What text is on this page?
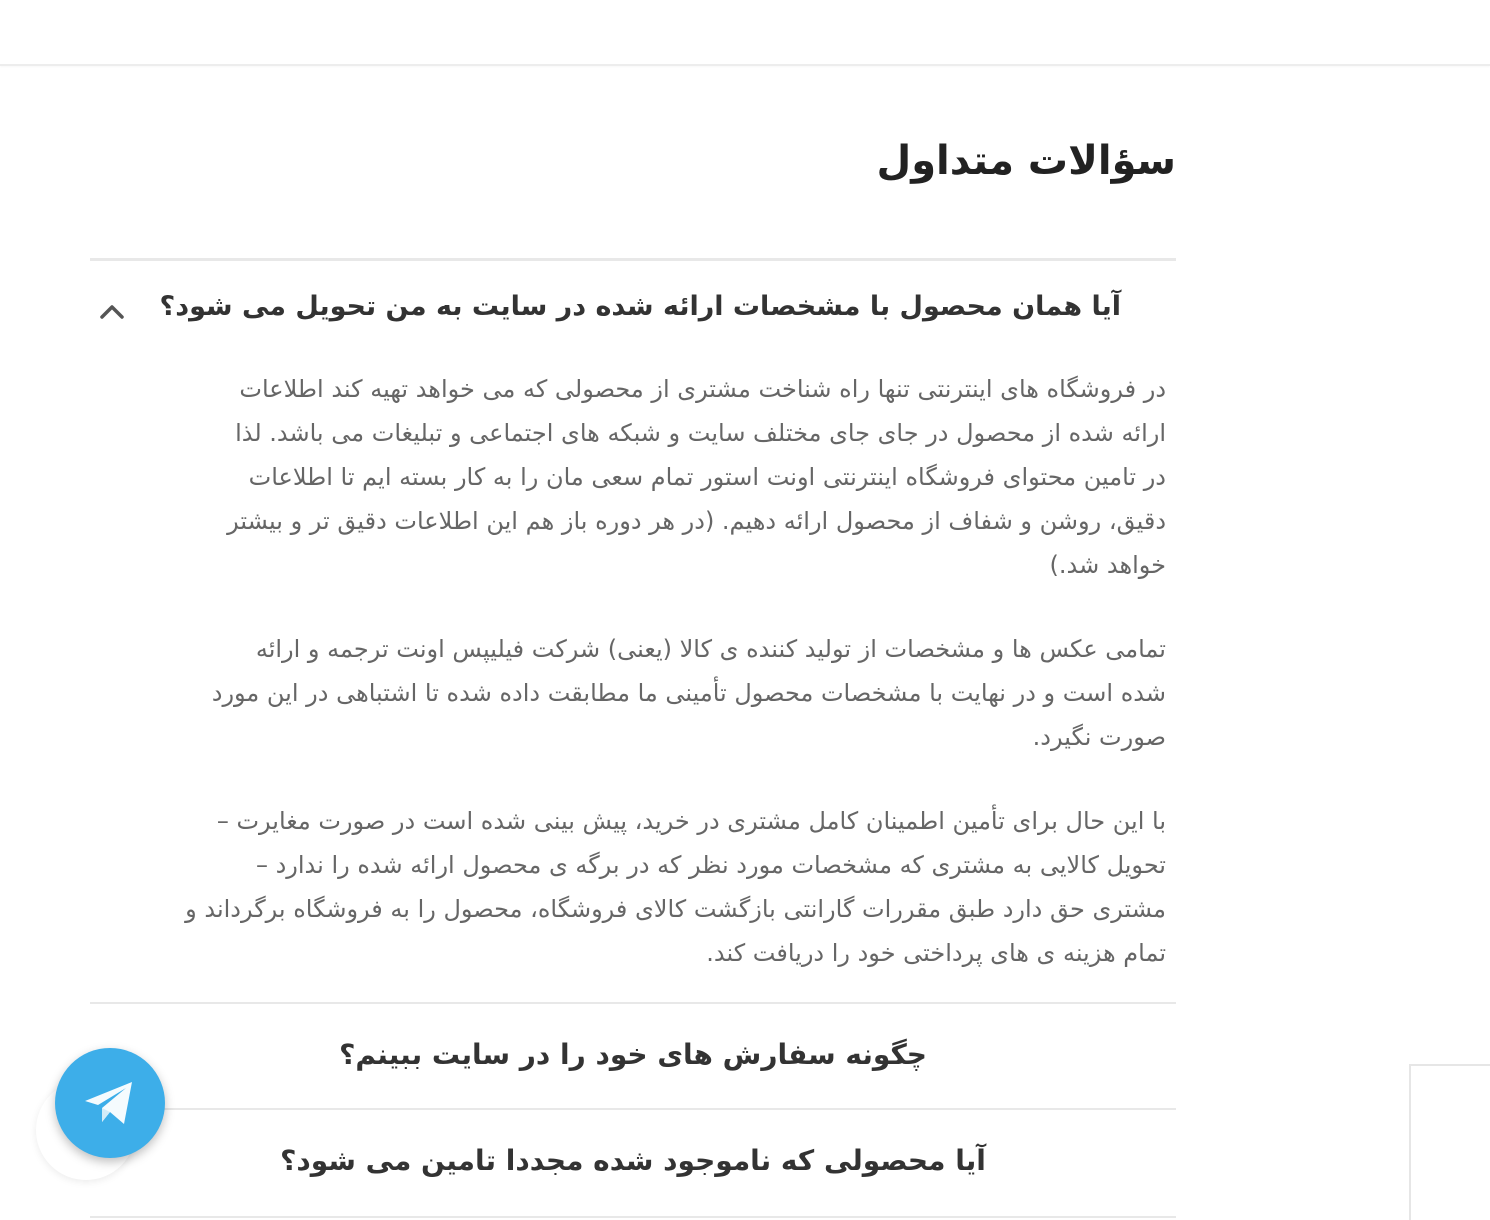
سؤالات متداول
آیا همان محصول با مشخصات ارائه شده در سایت به من تحویل می شود؟

در فروشگاه های اینترنتی تنها راه شناخت مشتری از محصولی که می خواهد تهیه کند اطلاعات
ارائه شده از محصول در جای جای مختلف سایت و شبکه های اجتماعی و تبلیغات می باشد. لذا
در تامین محتوای فروشگاه اینترنتی اونت استور تمام سعی مان را به کار بسته ایم تا اطلاعات
دقیق، روشن و شفاف از محصول ارائه دهیم. (در هر دوره باز هم این اطلاعات دقیق تر و بیشتر
خواهد شد.)

تمامی عکس ها و مشخصات از تولید کننده ی کالا (یعنی) شرکت فیلیپس اونت ترجمه و ارائه
شده است و در نهایت با مشخصات محصول تأمینی ما مطابقت داده شده تا اشتباهی در این مورد
صورت نگیرد.

با این حال برای تأمین اطمینان کامل مشتری در خرید، پیش بینی شده است در صورت مغایرت –
تحویل کالایی به مشتری که مشخصات مورد نظر که در برگه ی محصول ارائه شده را ندارد –
مشتری حق دارد طبق مقررات گارانتی بازگشت کالای فروشگاه، محصول را به فروشگاه برگرداند و
تمام هزینه ی های پرداختی خود را دریافت کند.

چگونه سفارش های خود را در سایت ببینم؟
آیا محصولی که ناموجود شده مجددا تامین می شود؟
